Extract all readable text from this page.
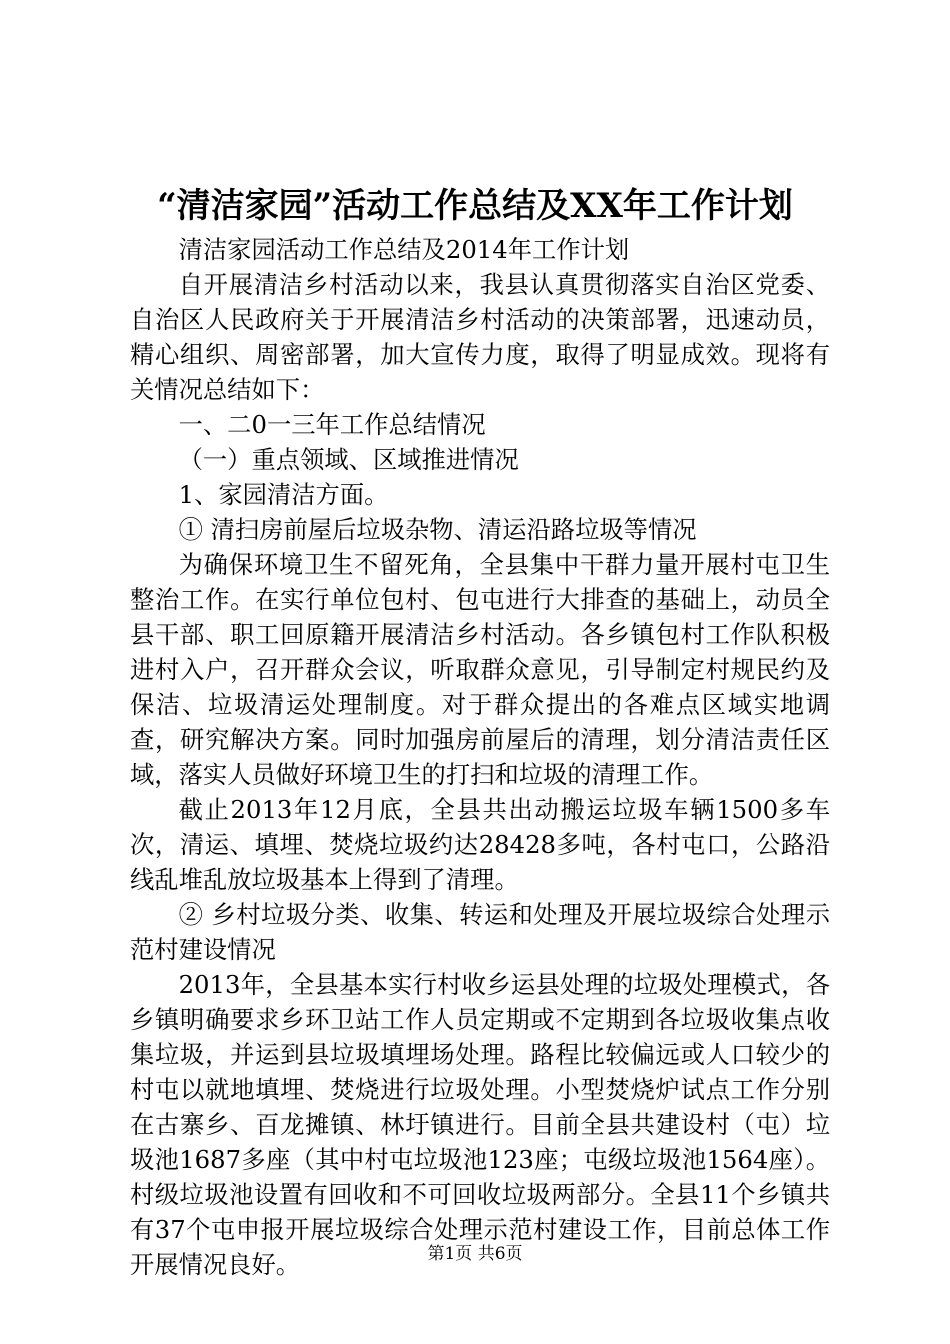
“清洁家园”活动工作总结及XX年工作计划

清洁家园活动工作总结及2014年工作计划

自开展清洁乡村活动以来，我县认真贯彻落实自治区党委、自治区人民政府关于开展清洁乡村活动的决策部署，迅速动员，精心组织、周密部署，加大宣传力度，取得了明显成效。现将有关情况总结如下：

一、二0一三年工作总结情况

（一）重点领域、区域推进情况

1、家园清洁方面。

① 清扫房前屋后垃圾杂物、清运沿路垃圾等情况

为确保环境卫生不留死角，全县集中干群力量开展村屯卫生整治工作。在实行单位包村、包屯进行大排查的基础上，动员全县干部、职工回原籍开展清洁乡村活动。各乡镇包村工作队积极进村入户，召开群众会议，听取群众意见，引导制定村规民约及保洁、垃圾清运处理制度。对于群众提出的各难点区域实地调查，研究解决方案。同时加强房前屋后的清理，划分清洁责任区域，落实人员做好环境卫生的打扫和垃圾的清理工作。

截止2013年12月底，全县共出动搬运垃圾车辆1500多车次，清运、填埋、焚烧垃圾约达28428多吨，各村屯口，公路沿线乱堆乱放垃圾基本上得到了清理。

② 乡村垃圾分类、收集、转运和处理及开展垃圾综合处理示范村建设情况

2013年，全县基本实行村收乡运县处理的垃圾处理模式，各乡镇明确要求乡环卫站工作人员定期或不定期到各垃圾收集点收集垃圾，并运到县垃圾填埋场处理。路程比较偏远或人口较少的村屯以就地填埋、焚烧进行垃圾处理。小型焚烧炉试点工作分别在古寨乡、百龙摊镇、林圩镇进行。目前全县共建设村（屯）垃圾池1687多座（其中村屯垃圾池123座；屯级垃圾池1564座）。村级垃圾池设置有回收和不可回收垃圾两部分。全县11个乡镇共有37个屯申报开展垃圾综合处理示范村建设工作，目前总体工作开展情况良好。	第1页 共6页
